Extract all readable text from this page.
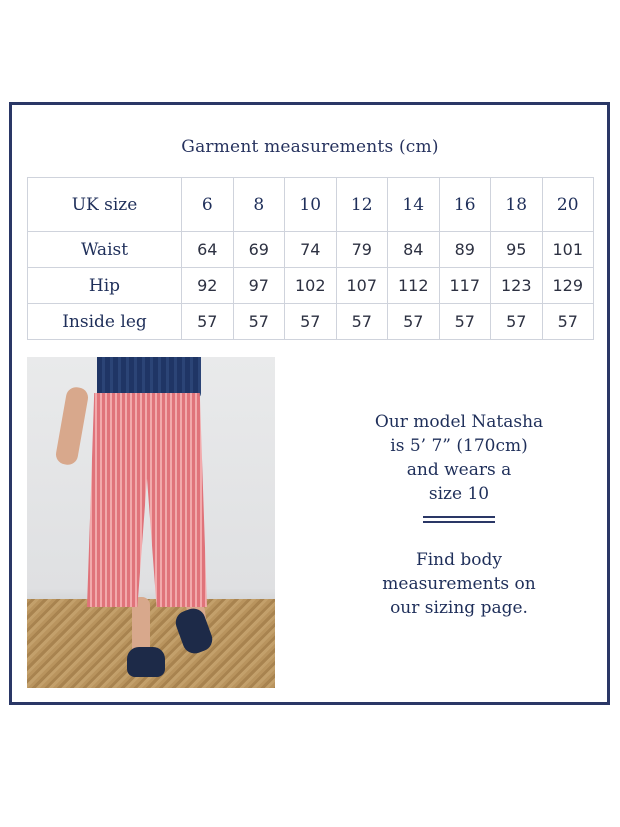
Garment measurements (cm)
UK size	6	8	10	12	14	16	18	20
Waist	64	69	74	79	84	89	95	101
Hip	92	97	102	107	112	117	123	129
Inside leg	57	57	57	57	57	57	57	57

Our model Natasha

is 5’ 7” (170cm)

and wears a

size 10

Find body

measurements on

our sizing page.
